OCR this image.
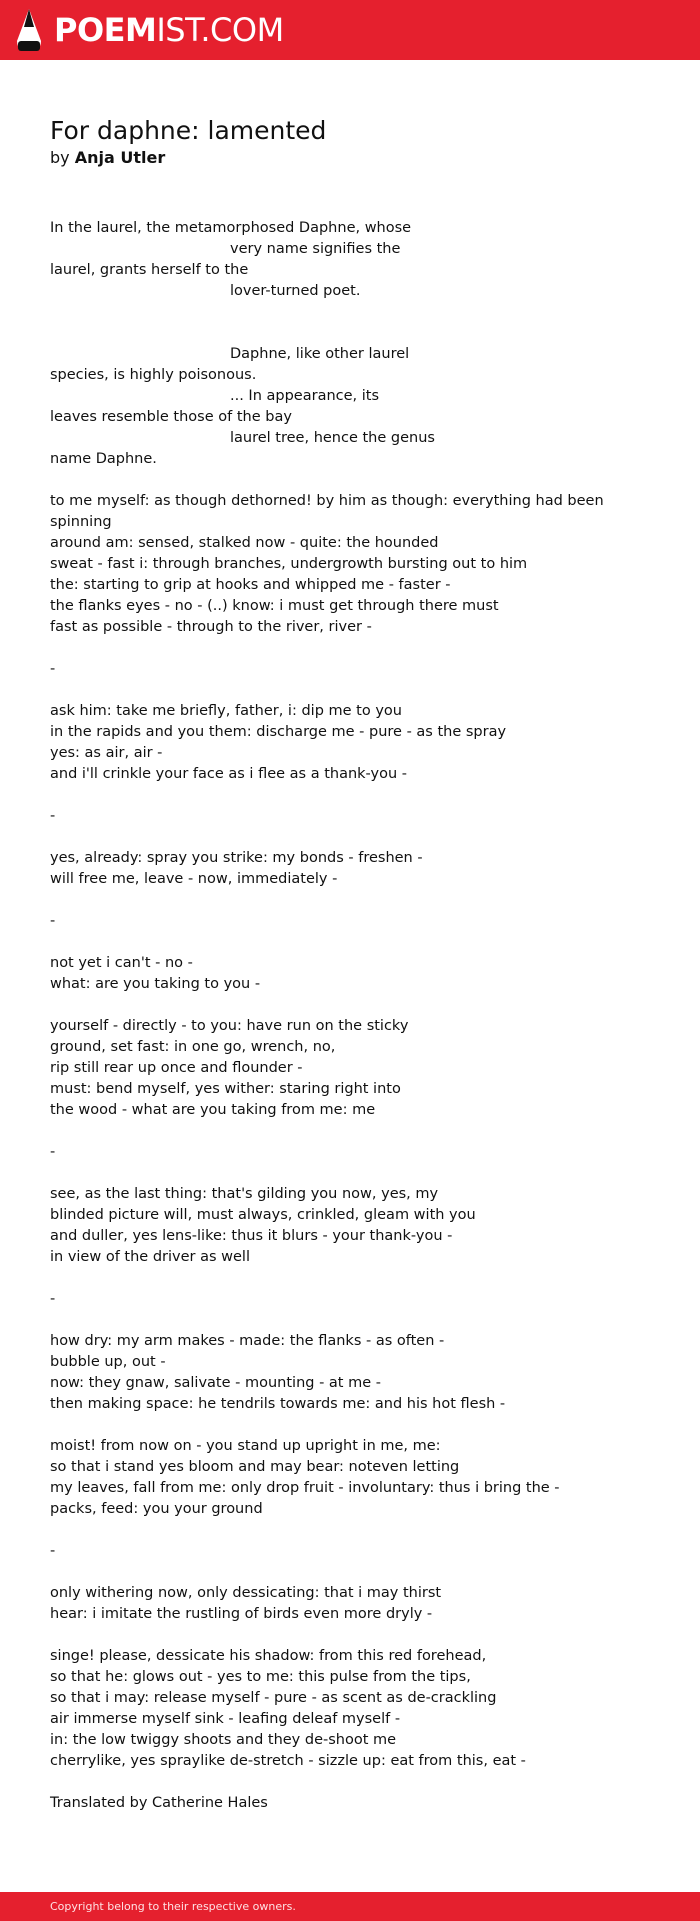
POEMIST.COM
For daphne: lamented
by Anja Utler
In the laurel, the metamorphosed Daphne, whose
very name signifies the
laurel, grants herself to the
lover-turned poet.
Daphne, like other laurel
species, is highly poisonous.
... In appearance, its
leaves resemble those of the bay
laurel tree, hence the genus
name Daphne.
to me myself: as though dethorned! by him as though: everything had been
spinning
around am: sensed, stalked now - quite: the hounded
sweat - fast i: through branches, undergrowth bursting out to him
the: starting to grip at hooks and whipped me - faster -
the flanks eyes - no - (..) know: i must get through there must
fast as possible - through to the river, river -
-
ask him: take me briefly, father, i: dip me to you
in the rapids and you them: discharge me - pure - as the spray
yes: as air, air -
and i'll crinkle your face as i flee as a thank-you -
-
yes, already: spray you strike: my bonds - freshen -
will free me, leave - now, immediately -
-
not yet i can't - no -
what: are you taking to you -
yourself - directly - to you: have run on the sticky
ground, set fast: in one go, wrench, no,
rip still rear up once and flounder -
must: bend myself, yes wither: staring right into
the wood - what are you taking from me: me
-
see, as the last thing: that's gilding you now, yes, my
blinded picture will, must always, crinkled, gleam with you
and duller, yes lens-like: thus it blurs - your thank-you -
in view of the driver as well
-
how dry: my arm makes - made: the flanks - as often -
bubble up, out -
now: they gnaw, salivate - mounting - at me -
then making space: he tendrils towards me: and his hot flesh -
moist! from now on - you stand up upright in me, me:
so that i stand yes bloom and may bear: noteven letting
my leaves, fall from me: only drop fruit - involuntary: thus i bring the -
packs, feed: you your ground
-
only withering now, only dessicating: that i may thirst
hear: i imitate the rustling of birds even more dryly -
singe! please, dessicate his shadow: from this red forehead,
so that he: glows out - yes to me: this pulse from the tips,
so that i may: release myself - pure - as scent as de-crackling
air immerse myself sink - leafing deleaf myself -
in: the low twiggy shoots and they de-shoot me
cherrylike, yes spraylike de-stretch - sizzle up: eat from this, eat -
Translated by Catherine Hales
Copyright belong to their respective owners.
